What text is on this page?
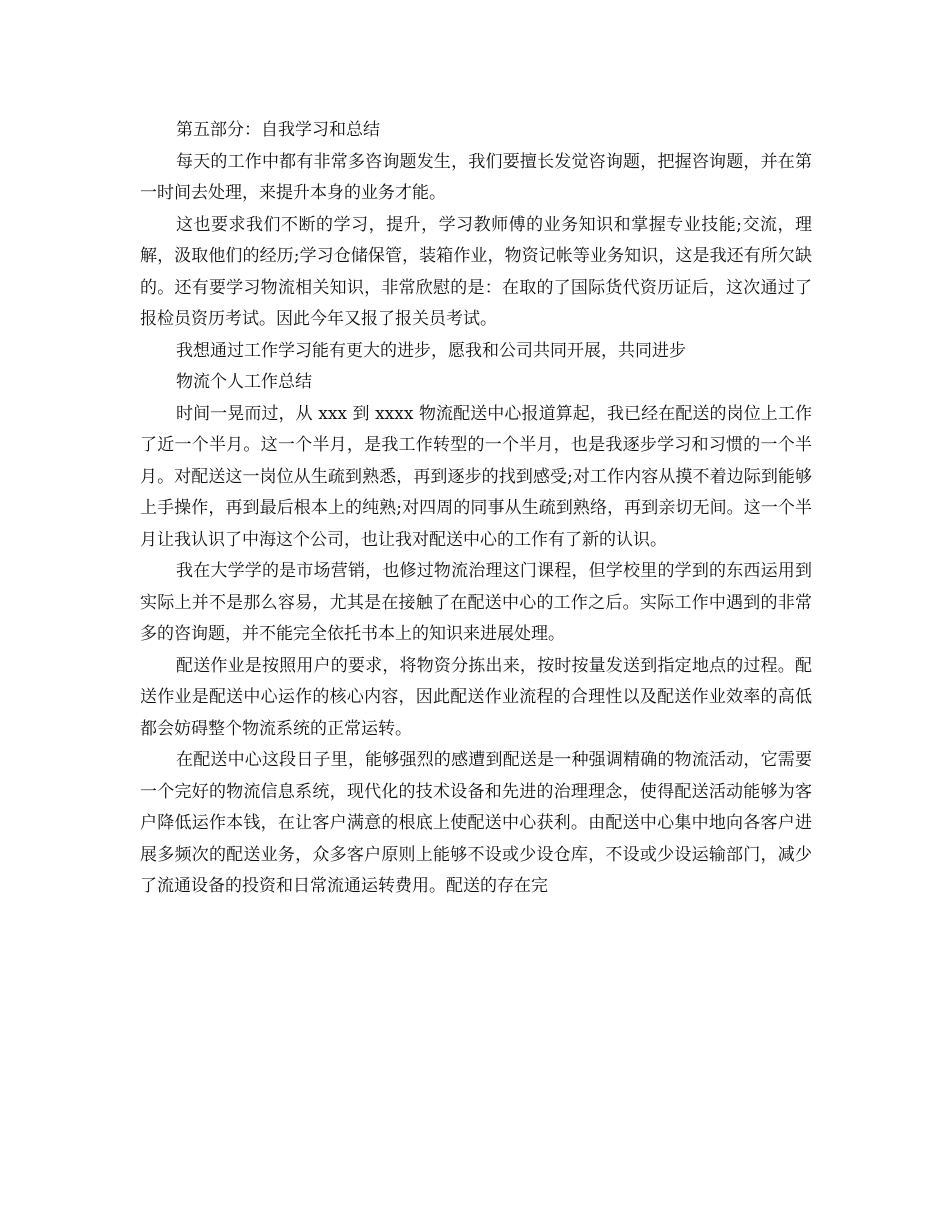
第五部分：自我学习和总结

每天的工作中都有非常多咨询题发生，我们要擅长发觉咨询题，把握咨询题，并在第一时间去处理，来提升本身的业务才能。

这也要求我们不断的学习，提升，学习教师傅的业务知识和掌握专业技能;交流，理解，汲取他们的经历;学习仓储保管，装箱作业，物资记帐等业务知识，这是我还有所欠缺的。还有要学习物流相关知识，非常欣慰的是：在取的了国际货代资历证后，这次通过了报检员资历考试。因此今年又报了报关员考试。

我想通过工作学习能有更大的进步，愿我和公司共同开展，共同进步

物流个人工作总结

时间一晃而过，从 xxx 到 xxxx 物流配送中心报道算起，我已经在配送的岗位上工作了近一个半月。这一个半月，是我工作转型的一个半月，也是我逐步学习和习惯的一个半月。对配送这一岗位从生疏到熟悉，再到逐步的找到感受;对工作内容从摸不着边际到能够上手操作，再到最后根本上的纯熟;对四周的同事从生疏到熟络，再到亲切无间。这一个半月让我认识了中海这个公司，也让我对配送中心的工作有了新的认识。

我在大学学的是市场营销，也修过物流治理这门课程，但学校里的学到的东西运用到实际上并不是那么容易，尤其是在接触了在配送中心的工作之后。实际工作中遇到的非常多的咨询题，并不能完全依托书本上的知识来进展处理。

配送作业是按照用户的要求，将物资分拣出来，按时按量发送到指定地点的过程。配送作业是配送中心运作的核心内容，因此配送作业流程的合理性以及配送作业效率的高低都会妨碍整个物流系统的正常运转。

在配送中心这段日子里，能够强烈的感遭到配送是一种强调精确的物流活动，它需要一个完好的物流信息系统，现代化的技术设备和先进的治理理念，使得配送活动能够为客户降低运作本钱，在让客户满意的根底上使配送中心获利。由配送中心集中地向各客户进展多频次的配送业务，众多客户原则上能够不设或少设仓库，不设或少设运输部门，减少了流通设备的投资和日常流通运转费用。配送的存在完
